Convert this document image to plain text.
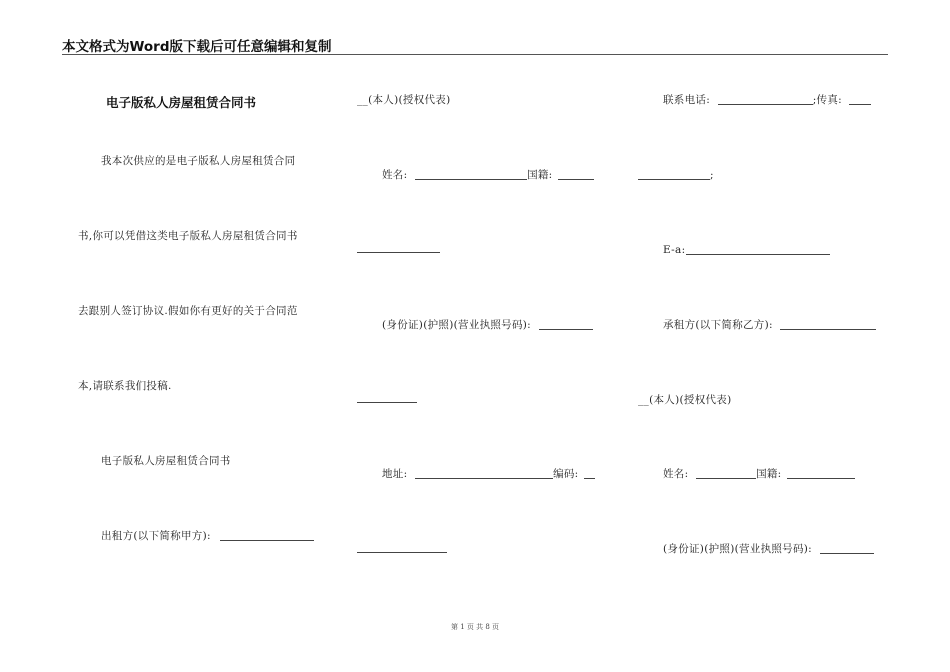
本文格式为Word版下载后可任意编辑和复制
电子版私人房屋租赁合同书
我本次供应的是电子版私人房屋租赁合同
书,你可以凭借这类电子版私人房屋租赁合同书
去跟别人签订协议.假如你有更好的关于合同范
本,请联系我们投稿.
电子版私人房屋租赁合同书
出租方(以下简称甲方):
__(本人)(授权代表)
姓名:	国籍:
(身份证)(护照)(营业执照号码):
地址:	编码:
联系电话:	;传真:
;
E-a:
承租方(以下简称乙方):
__(本人)(授权代表)
姓名:	国籍:
(身份证)(护照)(营业执照号码):
第 1 页 共 8 页
